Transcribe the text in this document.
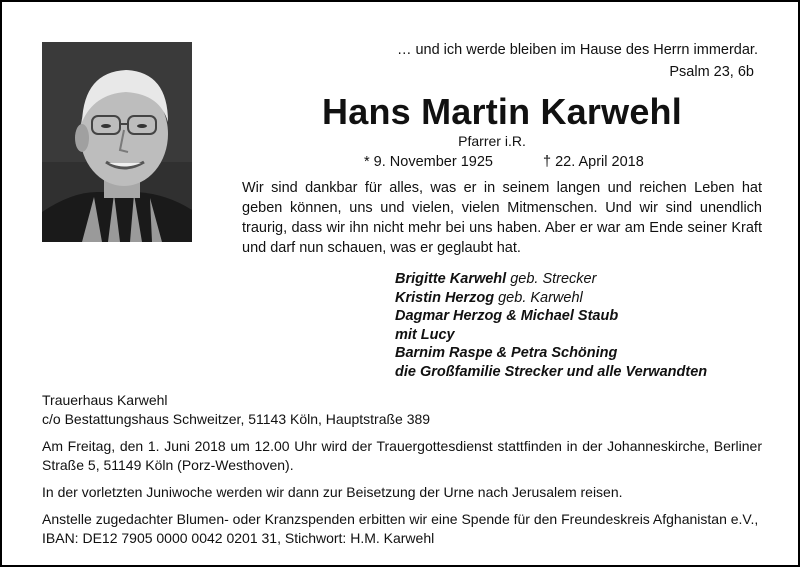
… und ich werde bleiben im Hause des Herrn immerdar.
Psalm 23, 6b
Hans Martin Karwehl
Pfarrer i.R.
* 9. November 1925	† 22. April 2018
Wir sind dankbar für alles, was er in seinem langen und reichen Leben hat geben können, uns und vielen, vielen Mitmenschen. Und wir sind unendlich traurig, dass wir ihn nicht mehr bei uns haben. Aber er war am Ende seiner Kraft und darf nun schauen, was er geglaubt hat.
Brigitte Karwehl geb. Strecker
Kristin Herzog geb. Karwehl
Dagmar Herzog & Michael Staub
mit Lucy
Barnim Raspe & Petra Schöning
die Großfamilie Strecker und alle Verwandten

Trauerhaus Karwehl

c/o Bestattungshaus Schweitzer, 51143 Köln, Hauptstraße 389

Am Freitag, den 1. Juni 2018 um 12.00 Uhr wird der Trauergottesdienst stattfinden in der Johanneskirche, Berliner Straße 5, 51149 Köln (Porz-Westhoven).

In der vorletzten Juniwoche werden wir dann zur Beisetzung der Urne nach Jerusalem reisen.

Anstelle zugedachter Blumen- oder Kranzspenden erbitten wir eine Spende für den Freundeskreis Afghanistan e.V.,

IBAN: DE12 7905 0000 0042 0201 31, Stichwort: H.M. Karwehl
